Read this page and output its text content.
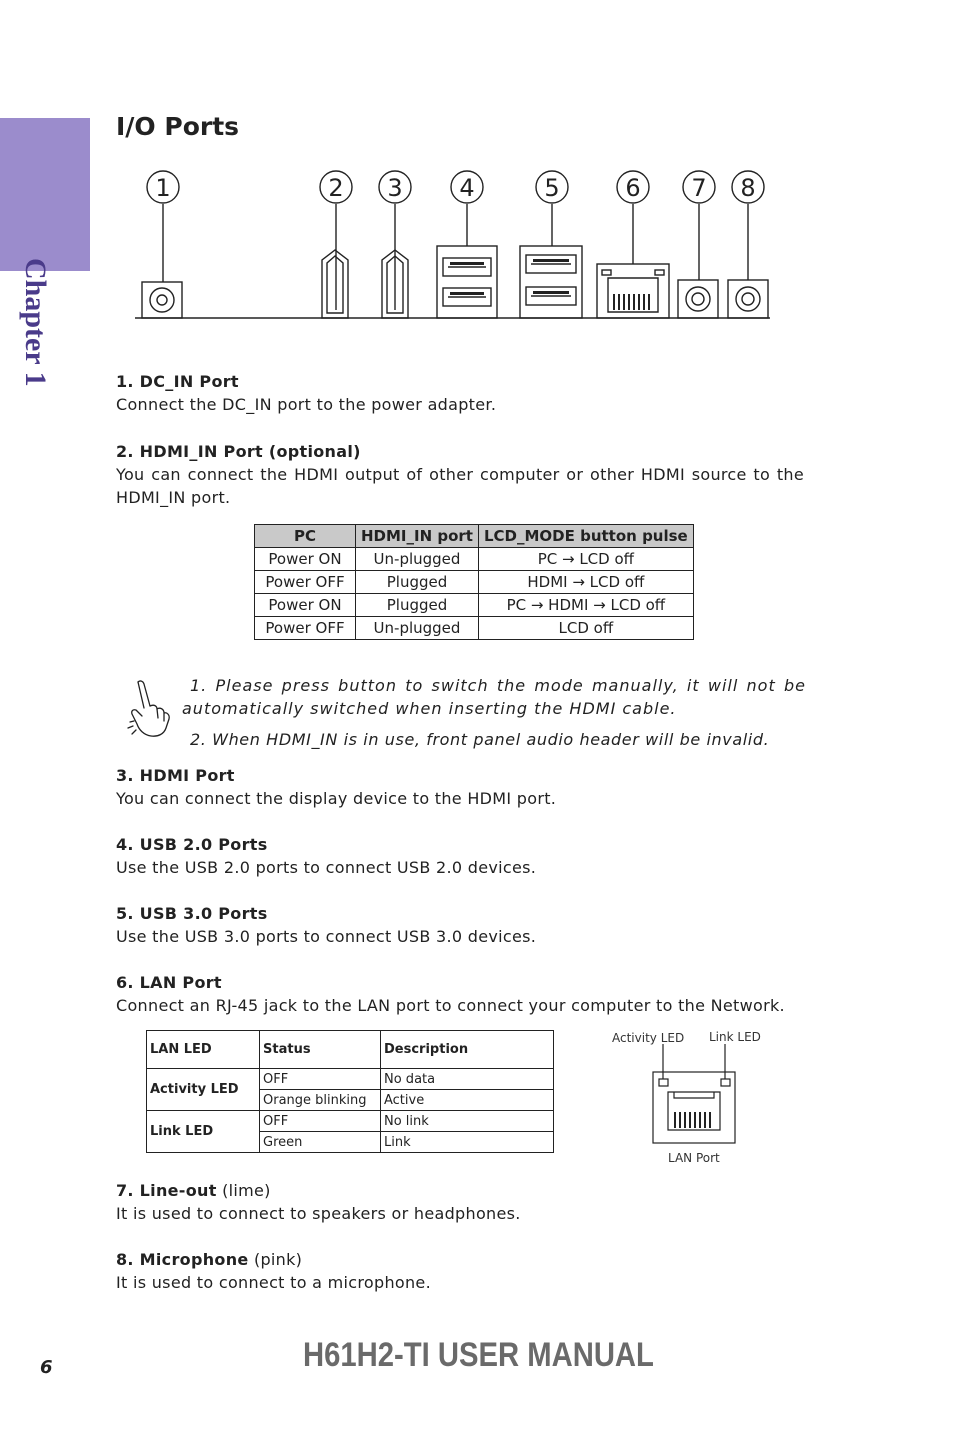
Chapter 1
I/O Ports
1	2 3 4	5	6 7 8
1. DC_IN Port
Connect the DC_IN port to the power adapter.
2. HDMI_IN Port (optional)
You can connect the HDMI output of other computer or other HDMI source to the HDMI_IN port.
PC	HDMI_IN port	LCD_MODE button pulse
Power ON	Un-plugged	PC → LCD off
Power OFF	Plugged	HDMI → LCD off
Power ON	Plugged	PC → HDMI → LCD off
Power OFF	Un-plugged	LCD off
1. Please press button to switch the mode manually, it will not be
automatically switched when inserting the HDMI cable.
2. When HDMI_IN is in use, front panel audio header will be invalid.
3. HDMI Port
You can connect the display device to the HDMI port.
4. USB 2.0 Ports
Use the USB 2.0 ports to connect USB 2.0 devices.
5. USB 3.0 Ports
Use the USB 3.0 ports to connect USB 3.0 devices.
6. LAN Port
Connect an RJ-45 jack to the LAN port to connect your computer to the Network.
LAN LED	Status	Description
Activity LED	OFF	No data
	Orange blinking	Active
Link LED	OFF	No link
	Green	Link
Activity LED Link LED
LAN Port
7. Line-out (lime)
It is used to connect to speakers or headphones.
8. Microphone (pink)
It is used to connect to a microphone.
6	H61H2-TI USER MANUAL
